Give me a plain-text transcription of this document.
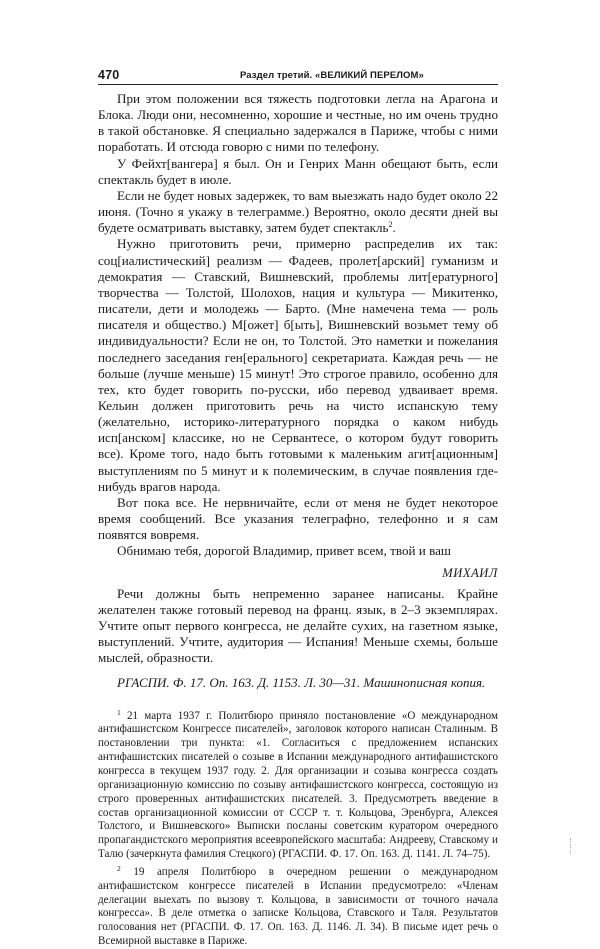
470	Раздел третий. «ВЕЛИКИЙ ПЕРЕЛОМ»

При этом положении вся тяжесть подготовки легла на Арагона и Блока. Люди они, несомненно, хорошие и честные, но им очень трудно в такой обстановке. Я специально задержался в Париже, чтобы с ними поработать. И отсюда говорю с ними по телефону.

У Фейхт[вангера] я был. Он и Генрих Манн обещают быть, если спектакль будет в июле.

Если не будет новых задержек, то вам выезжать надо будет около 22 июня. (Точно я укажу в телеграмме.) Вероятно, около десяти дней вы будете осматривать выставку, затем будет спектакль$^2$.

Нужно приготовить речи, примерно распределив их так: соц[иалистический] реализм — Фадеев, пролет[арский] гуманизм и демократия — Ставский, Вишневский, проблемы лит[ературного] творчества — Толстой, Шолохов, нация и культура — Микитенко, писатели, дети и молодежь — Барто. (Мне намечена тема — роль писателя и общество.) М[ожет] б[ыть], Вишневский возьмет тему об индивидуальности? Если не он, то Толстой. Это наметки и пожелания последнего заседания ген[ерального] секретариата. Каждая речь — не больше (лучше меньше) 15 минут! Это строгое правило, особенно для тех, кто будет говорить по-русски, ибо перевод удваивает время. Кельин должен приготовить речь на чисто испанскую тему (желательно, историко-литературного порядка о каком нибудь исп[анском] классике, но не Сервантесе, о котором будут говорить все). Кроме того, надо быть готовыми к маленьким агит[ационным] выступлениям по 5 минут и к полемическим, в случае появления где-нибудь врагов народа.

Вот пока все. Не нервничайте, если от меня не будет некоторое время сообщений. Все указания телеграфно, телефонно и я сам появятся вовремя.

Обнимаю тебя, дорогой Владимир, привет всем, твой и ваш

МИХАИЛ

Речи должны быть непременно заранее написаны. Крайне желателен также готовый перевод на франц. язык, в 2–3 экземплярах. Учтите опыт первого конгресса, не делайте сухих, на газетном языке, выступлений. Учтите, аудитория — Испания! Меньше схемы, больше мыслей, образности.

РГАСПИ. Ф. 17. Оп. 163. Д. 1153. Л. 30—31. Машинописная копия.

$^1$ 21 марта 1937 г. Политбюро приняло постановление «О международном антифашистском Конгрессе писателей», заголовок которого написан Сталиным. В постановлении три пункта: «1. Согласиться с предложением испанских антифашистских писателей о созыве в Испании международного антифашистского конгресса в текущем 1937 году. 2. Для организации и созыва конгресса создать организационную комиссию по созыву антифашистского конгресса, состоящую из строго проверенных антифашистских писателей. 3. Предусмотреть введение в состав организационной комиссии от СССР т. т. Кольцова, Эренбурга, Алексея Толстого, и Вишневского» Выписки посланы советским куратором очередного пропагандистского мероприятия всеевропейского масштаба: Андрееву, Ставскому и Талю (зачеркнута фамилия Стецкого) (РГАСПИ. Ф. 17. Оп. 163. Д. 1141. Л. 74–75).

$^2$ 19 апреля Политбюро в очередном решении о международном антифашистском конгрессе писателей в Испании предусмотрело: «Членам делегации выехать по вызову т. Кольцова, в зависимости от точного начала конгресса». В деле отметка о записке Кольцова, Ставского и Таля. Результатов голосования нет (РГАСПИ. Ф. 17. Оп. 163. Д. 1146. Л. 34). В письме идет речь о Всемирной выставке в Париже.
